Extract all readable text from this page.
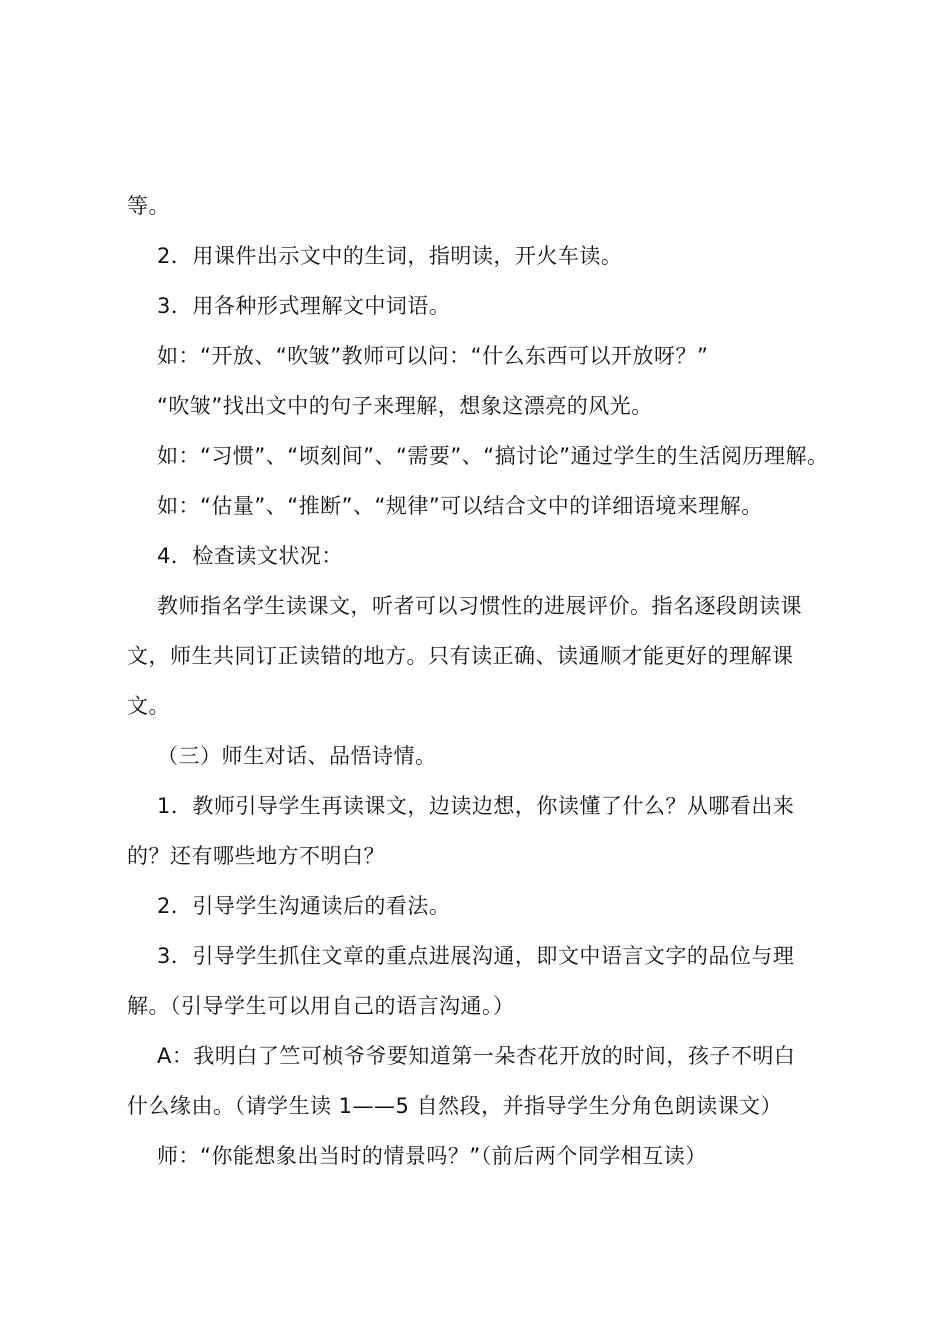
等。

2．用课件出示文中的生词，指明读，开火车读。

3．用各种形式理解文中词语。

如：“开放、“吹皱”教师可以问：“什么东西可以开放呀？”

“吹皱”找出文中的句子来理解，想象这漂亮的风光。

如：“习惯”、“顷刻间”、“需要”、“搞讨论”通过学生的生活阅历理解。

如：“估量”、“推断”、“规律”可以结合文中的详细语境来理解。

4．检查读文状况：

教师指名学生读课文，听者可以习惯性的进展评价。指名逐段朗读课

文，师生共同订正读错的地方。只有读正确、读通顺才能更好的理解课

文。

（三）师生对话、品悟诗情。

1．教师引导学生再读课文，边读边想，你读懂了什么？从哪看出来

的？还有哪些地方不明白？

2．引导学生沟通读后的看法。

3．引导学生抓住文章的重点进展沟通，即文中语言文字的品位与理

解。（引导学生可以用自己的语言沟通。）

A：我明白了竺可桢爷爷要知道第一朵杏花开放的时间，孩子不明白

什么缘由。（请学生读 1——5 自然段，并指导学生分角色朗读课文）

师：“你能想象出当时的情景吗？”（前后两个同学相互读）
